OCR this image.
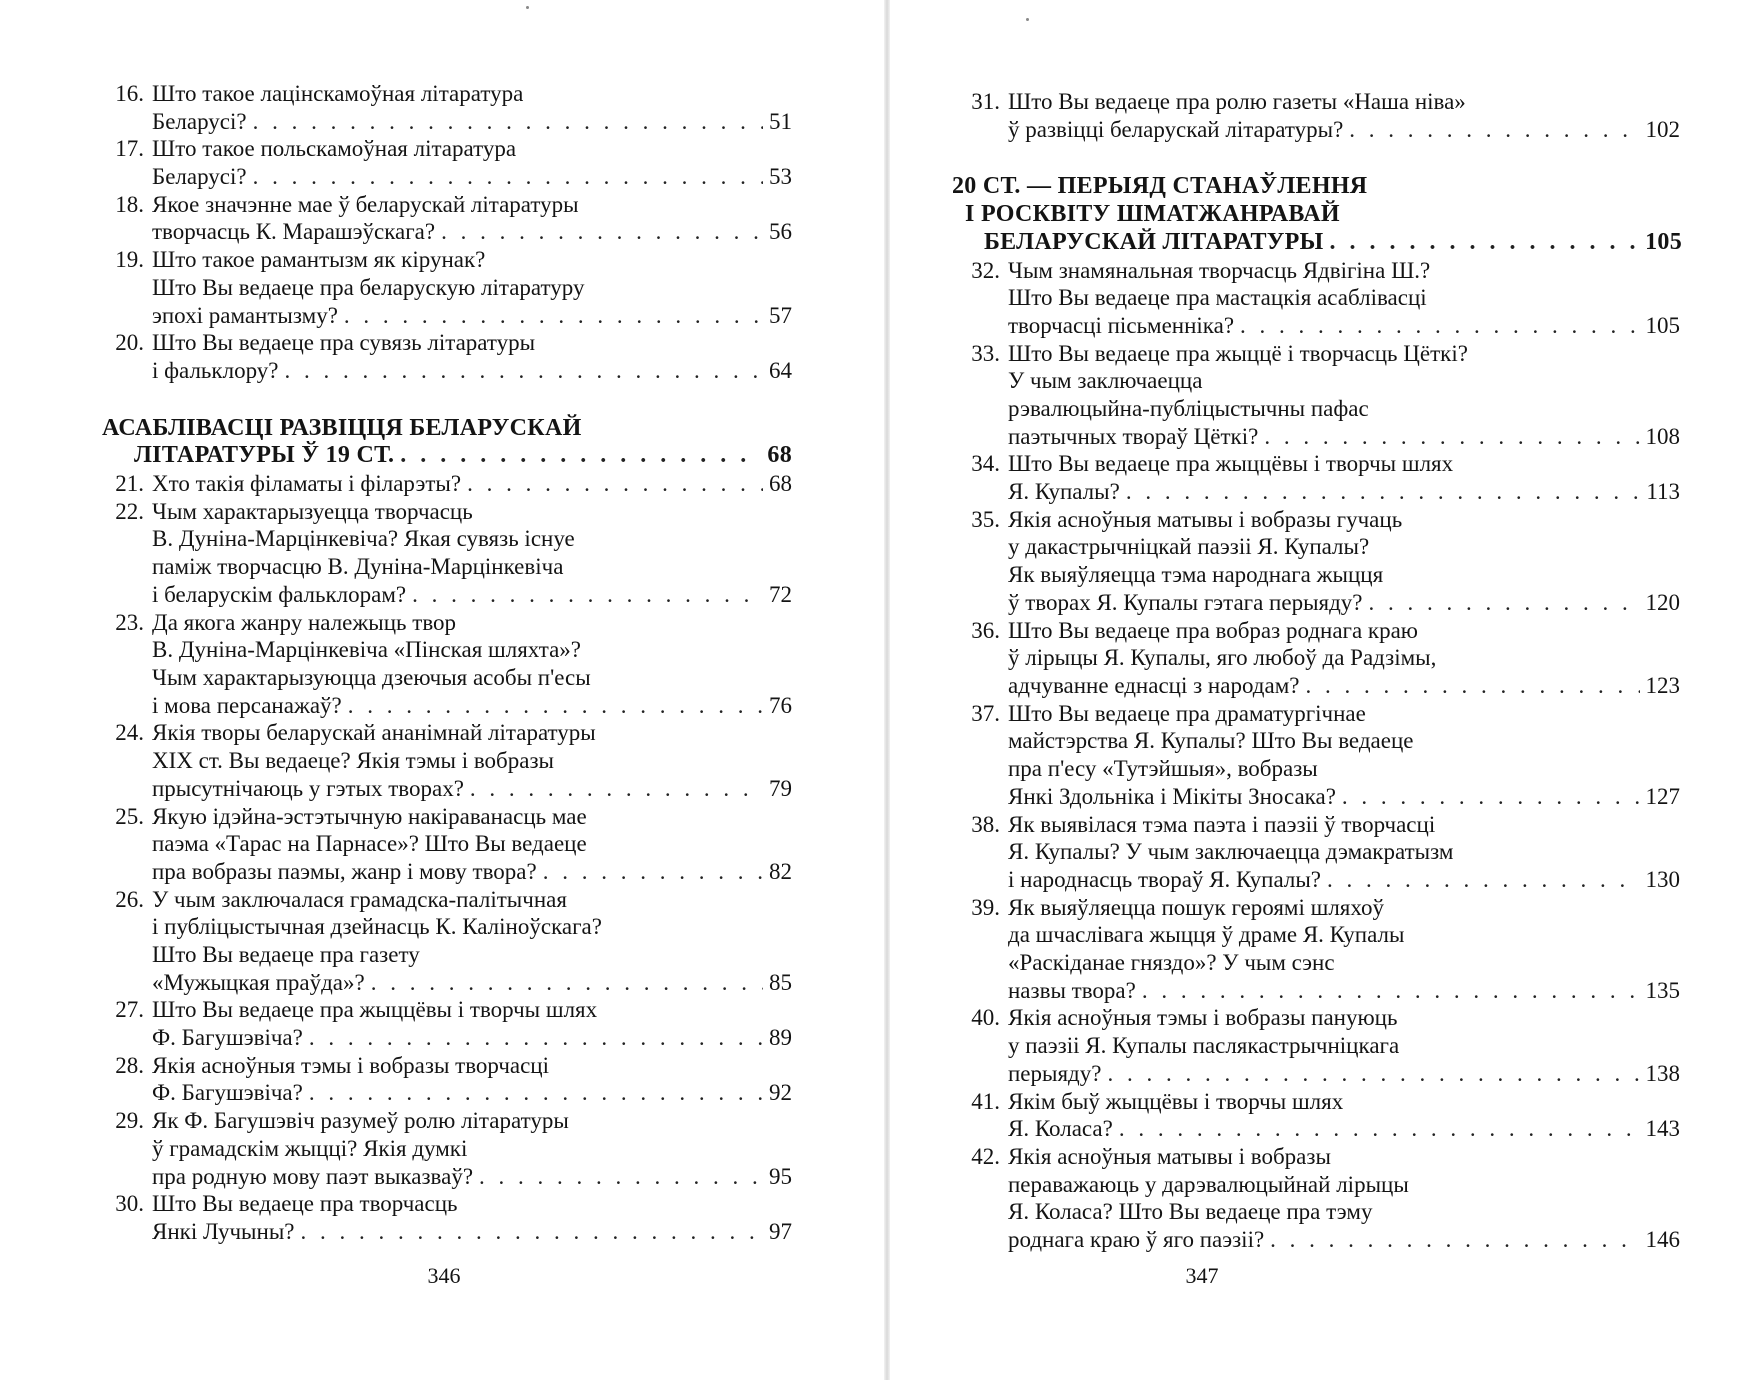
16. Што такое лацінскамоўная літаратура
Беларусі? . . .	51
17. Што такое польскамоўная літаратура
Беларусі? . . .	53
18. Якое значэнне мае ў беларускай літаратуры
творчасць К. Марашэўскага? . . .	56
19. Што такое рамантызм як кірунак?
Што Вы ведаеце пра беларускую літаратуру
эпохі рамантызму? . . .	57
20. Што Вы ведаеце пра сувязь літаратуры
і фальклору? . . .	64
АСАБЛІВАСЦІ РАЗВІЦЦЯ БЕЛАРУСКАЙ
ЛІТАРАТУРЫ Ў 19 СТ. . . .	68
21. Хто такія філаматы і філарэты? . . .	68
22. Чым характарызуецца творчасць
В. Дуніна-Марцінкевіча? Якая сувязь існуе
паміж творчасцю В. Дуніна-Марцінкевіча
і беларускім фальклорам? . . .	72
23. Да якога жанру належыць твор
В. Дуніна-Марцінкевіча «Пінская шляхта»?
Чым характарызуюцца дзеючыя асобы п'есы
і мова персанажаў? . . .	76
24. Якія творы беларускай ананімнай літаратуры
XIX ст. Вы ведаеце? Якія тэмы і вобразы
прысутнічаюць у гэтых творах? . . .	79
25. Якую ідэйна-эстэтычную накіраванасць мае
паэма «Тарас на Парнасе»? Што Вы ведаеце
пра вобразы паэмы, жанр і мову твора? . . .	82
26. У чым заключалася грамадска-палітычная
і публіцыстычная дзейнасць К. Каліноўскага?
Што Вы ведаеце пра газету
«Мужыцкая праўда»? . . .	85
27. Што Вы ведаеце пра жыццёвы і творчы шлях
Ф. Багушэвіча? . . .	89
28. Якія асноўныя тэмы і вобразы творчасці
Ф. Багушэвіча? . . .	92
29. Як Ф. Багушэвіч разумеў ролю літаратуры
ў грамадскім жыцці? Якія думкі
пра родную мову паэт выказваў? . . .	95
30. Што Вы ведаеце пра творчасць
Янкі Лучыны? . . .	97
346
31. Што Вы ведаеце пра ролю газеты «Наша ніва»
ў развіцці беларускай літаратуры? . . .	102
20 СТ. — ПЕРЫЯД СТАНАЎЛЕННЯ
І РОСКВІТУ ШМАТЖАНРАВАЙ
БЕЛАРУСКАЙ ЛІТАРАТУРЫ . . .	105
32. Чым знамянальная творчасць Ядвігіна Ш.?
Што Вы ведаеце пра мастацкія асаблівасці
творчасці пісьменніка? . . .	105
33. Што Вы ведаеце пра жыццё і творчасць Цёткі?
У чым заключаецца
рэвалюцыйна-публіцыстычны пафас
паэтычных твораў Цёткі? . . .	108
34. Што Вы ведаеце пра жыццёвы і творчы шлях
Я. Купалы? . . .	113
35. Якія асноўныя матывы і вобразы гучаць
у дакастрычніцкай паэзіі Я. Купалы?
Як выяўляецца тэма народнага жыцця
ў творах Я. Купалы гэтага перыяду? . . .	120
36. Што Вы ведаеце пра вобраз роднага краю
ў лірыцы Я. Купалы, яго любоў да Радзімы,
адчуванне еднасці з народам? . . .	123
37. Што Вы ведаеце пра драматургічнае
майстэрства Я. Купалы? Што Вы ведаеце
пра п'есу «Тутэйшыя», вобразы
Янкі Здольніка і Мікіты Зносака? . . .	127
38. Як выявілася тэма паэта і паэзіі ў творчасці
Я. Купалы? У чым заключаецца дэмакратызм
і народнасць твораў Я. Купалы? . . .	130
39. Як выяўляецца пошук героямі шляхоў
да шчаслівага жыцця ў драме Я. Купалы
«Раскіданае гняздо»? У чым сэнс
назвы твора? . . .	135
40. Якія асноўныя тэмы і вобразы пануюць
у паэзіі Я. Купалы паслякастрычніцкага
перыяду? . . .	138
41. Якім быў жыццёвы і творчы шлях
Я. Коласа? . . .	143
42. Якія асноўныя матывы і вобразы
пераважаюць у дарэвалюцыйнай лірыцы
Я. Коласа? Што Вы ведаеце пра тэму
роднага краю ў яго паэзіі? . . .	146
347
